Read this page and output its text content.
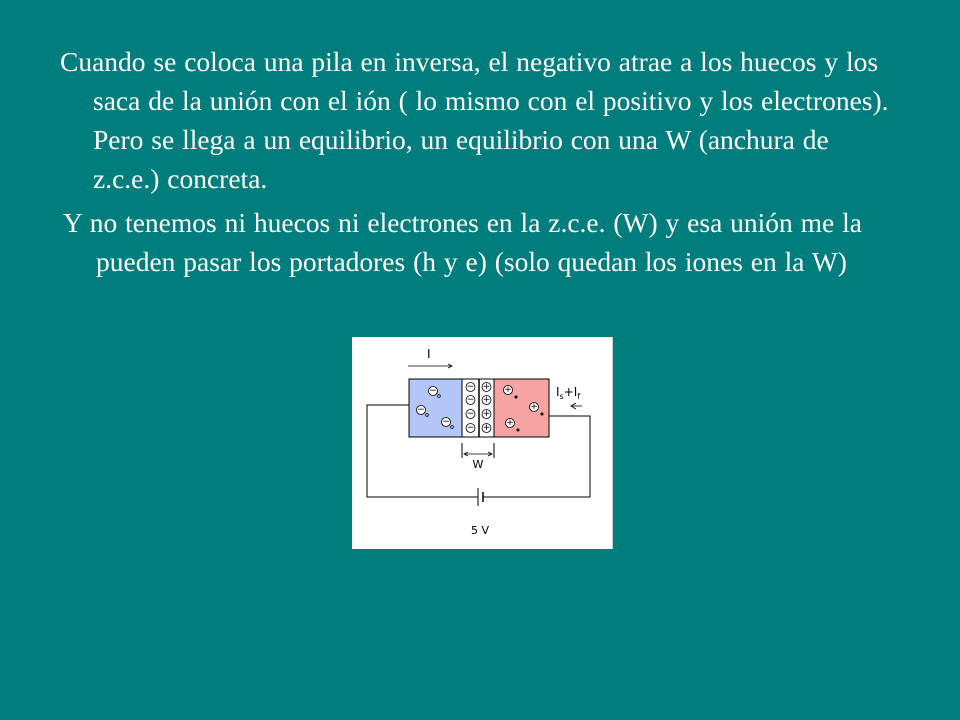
Cuando se coloca una pila en inversa, el negativo atrae a los huecos y los saca de la unión con el ión ( lo mismo con el positivo y los electrones). Pero se llega a un equilibrio, un equilibrio con una W (anchura de z.c.e.) concreta.

Y no tenemos ni huecos ni electrones en la z.c.e. (W) y esa unión me la pueden pasar los portadores (h y e) (solo quedan los iones en la W)

5 V
−
−
−
−
+
+
+
+
−
−
−
+
+
+
I
$I_s+I_f$
W
